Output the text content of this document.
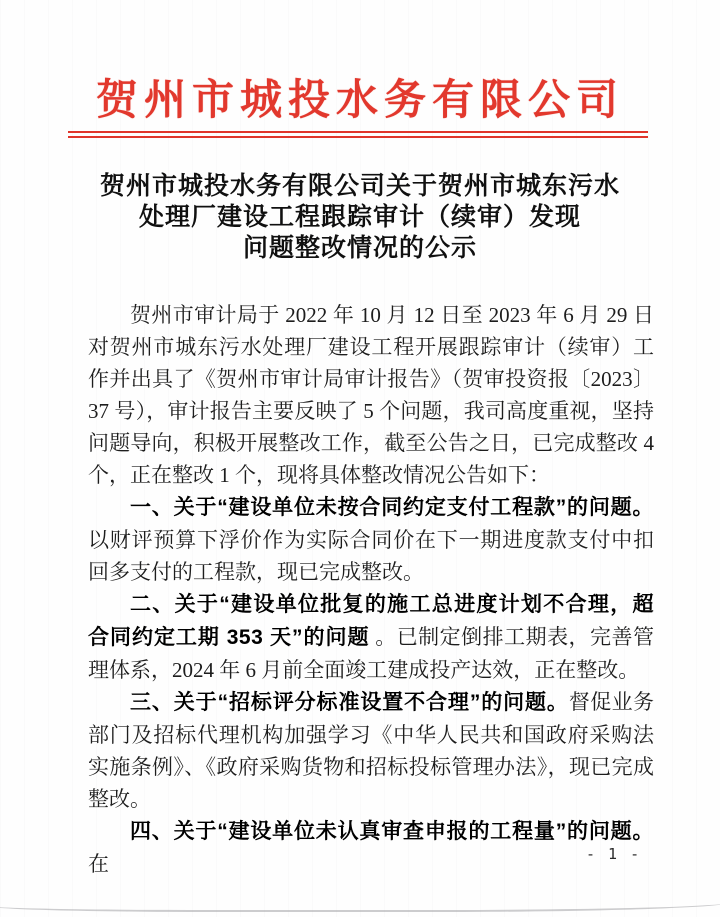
贺州市城投水务有限公司
贺州市城投水务有限公司关于贺州市城东污水
处理厂建设工程跟踪审计（续审）发现
问题整改情况的公示

贺州市审计局于 2022 年 10 月 12 日至 2023 年 6 月 29 日对贺州市城东污水处理厂建设工程开展跟踪审计（续审）工作并出具了《贺州市审计局审计报告》（贺审投资报〔2023〕37 号），审计报告主要反映了 5 个问题，我司高度重视，坚持问题导向，积极开展整改工作，截至公告之日，已完成整改 4 个，正在整改 1 个，现将具体整改情况公告如下：

一、关于“建设单位未按合同约定支付工程款”的问题。以财评预算下浮价作为实际合同价在下一期进度款支付中扣回多支付的工程款，现已完成整改。

二、关于“建设单位批复的施工总进度计划不合理，超合同约定工期 353 天”的问题 。已制定倒排工期表，完善管理体系，2024 年 6 月前全面竣工建成投产达效，正在整改。

三、关于“招标评分标准设置不合理”的问题。督促业务部门及招标代理机构加强学习《中华人民共和国政府采购法实施条例》、《政府采购货物和招标投标管理办法》，现已完成整改。

四、关于“建设单位未认真审查申报的工程量”的问题。在	- 1 -
